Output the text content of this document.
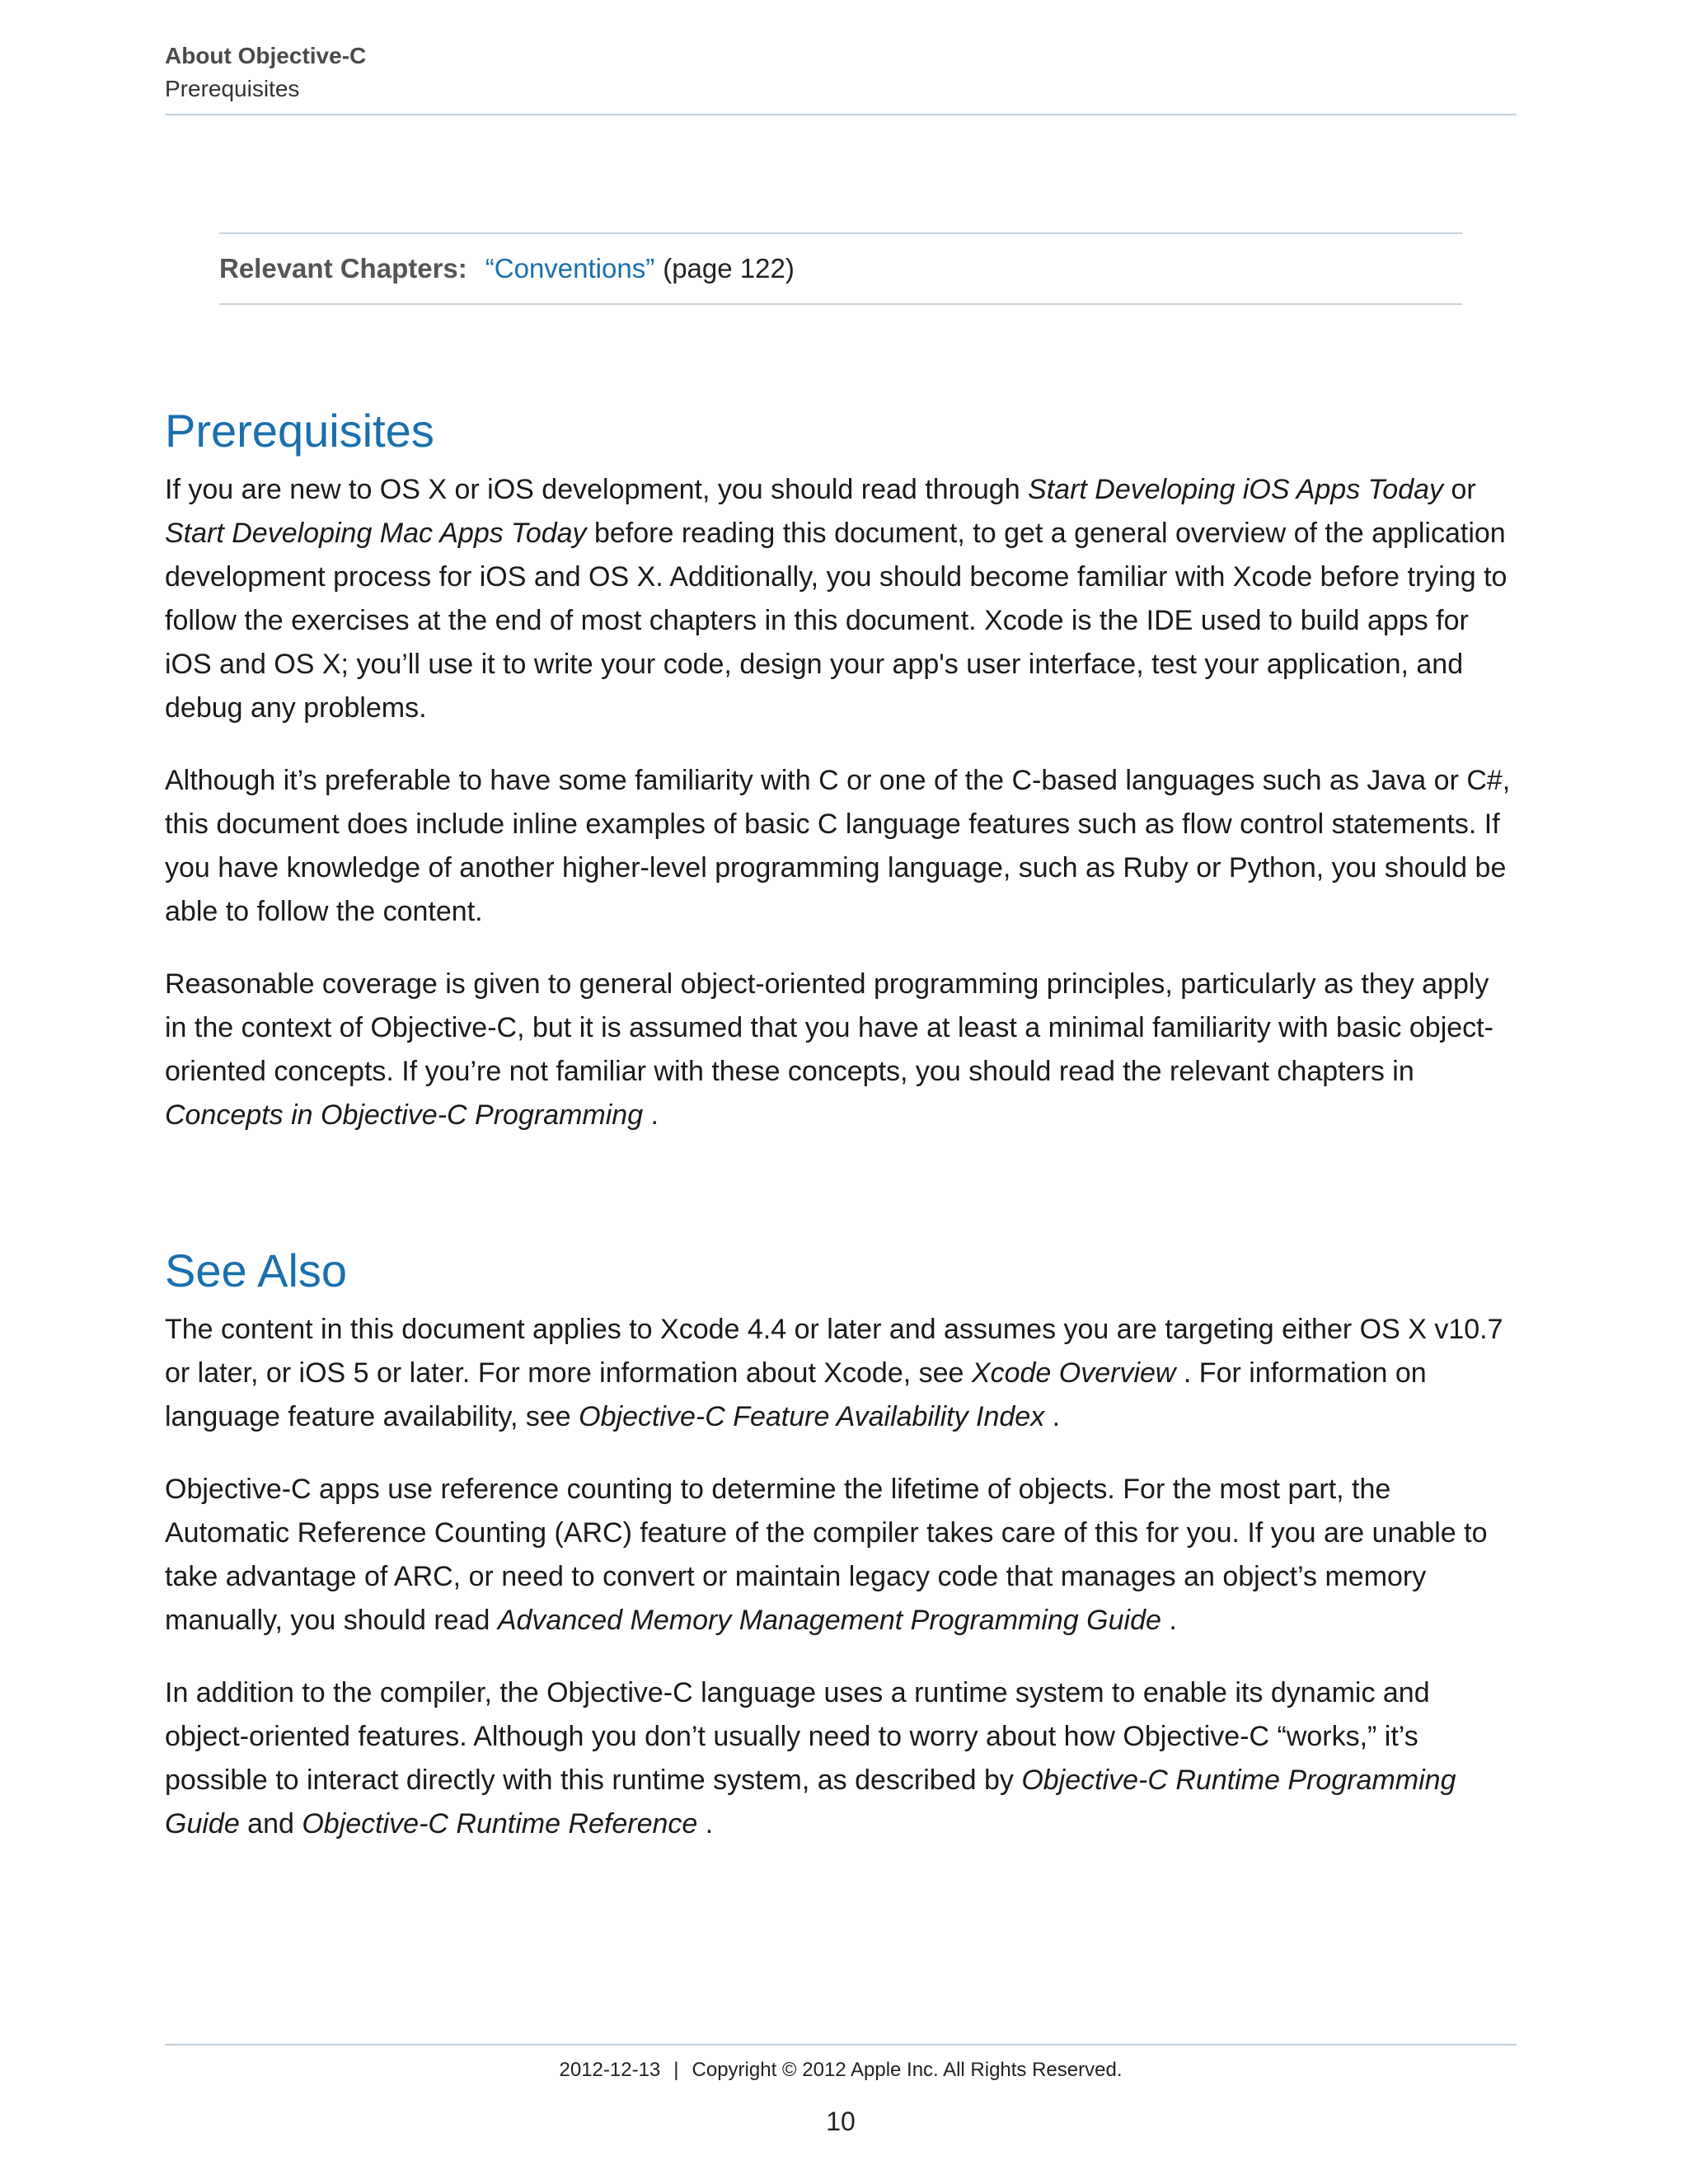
About Objective-C

Prerequisites

Relevant Chapters: “Conventions” (page 122)
Prerequisites

If you are new to OS X or iOS development, you should read through Start Developing iOS Apps Today or Start Developing Mac Apps Today before reading this document, to get a general overview of the application development process for iOS and OS X. Additionally, you should become familiar with Xcode before trying to follow the exercises at the end of most chapters in this document. Xcode is the IDE used to build apps for iOS and OS X; you’ll use it to write your code, design your app's user interface, test your application, and debug any problems.

Although it’s preferable to have some familiarity with C or one of the C-based languages such as Java or C#, this document does include inline examples of basic C language features such as flow control statements. If you have knowledge of another higher-level programming language, such as Ruby or Python, you should be able to follow the content.

Reasonable coverage is given to general object-oriented programming principles, particularly as they apply in the context of Objective-C, but it is assumed that you have at least a minimal familiarity with basic object-oriented concepts. If you’re not familiar with these concepts, you should read the relevant chapters in Concepts in Objective-C Programming .

See Also

The content in this document applies to Xcode 4.4 or later and assumes you are targeting either OS X v10.7 or later, or iOS 5 or later. For more information about Xcode, see Xcode Overview . For information on language feature availability, see Objective-C Feature Availability Index .

Objective-C apps use reference counting to determine the lifetime of objects. For the most part, the Automatic Reference Counting (ARC) feature of the compiler takes care of this for you. If you are unable to take advantage of ARC, or need to convert or maintain legacy code that manages an object’s memory manually, you should read Advanced Memory Management Programming Guide .

In addition to the compiler, the Objective-C language uses a runtime system to enable its dynamic and object-oriented features. Although you don’t usually need to worry about how Objective-C “works,” it’s possible to interact directly with this runtime system, as described by Objective-C Runtime Programming Guide and Objective-C Runtime Reference .

2012-12-13 | Copyright © 2012 Apple Inc. All Rights Reserved.
10
